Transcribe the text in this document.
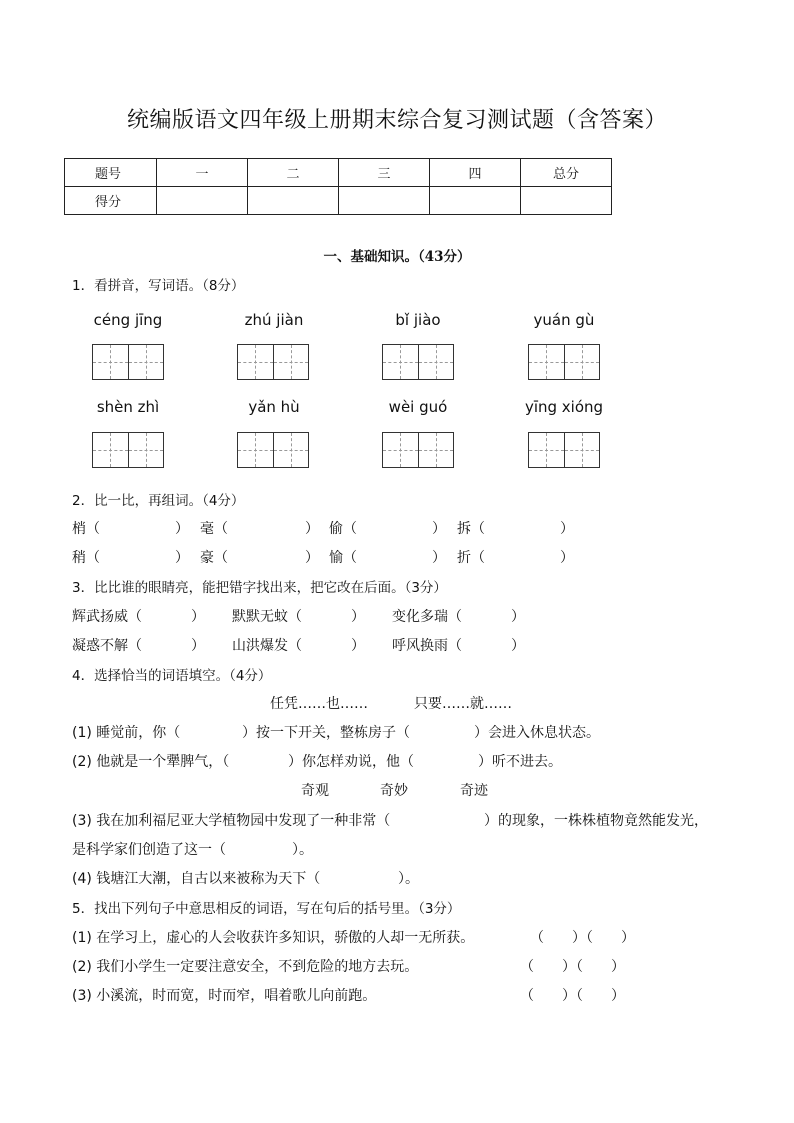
统编版语文四年级上册期末综合复习测试题（含答案）
题号	一	二	三	四	总分
得分					
一、基础知识。（43分）
1．看拼音，写词语。（8分）
céng jīng	zhú jiàn	bǐ jiào	yuán gù
shèn zhì	yǎn hù	wèi guó	yīng xióng
2．比一比，再组词。（4分）
梢（	） 毫（	） 偷（	） 拆（	）
稍（	） 豪（	） 愉（	） 折（	）
3．比比谁的眼睛亮，能把错字找出来，把它改在后面。（3分）
辉武扬威（	） 默默无蚊（	） 变化多瑞（	）
凝惑不解（	） 山洪爆发（	） 呼风换雨（	）
4．选择恰当的词语填空。（4分）
任凭……也……	只要……就……
(1) 睡觉前，你（	）按一下开关，整栋房子（	）会进入休息状态。
(2) 他就是一个犟脾气，（	）你怎样劝说，他（	）听不进去。
奇观	奇妙	奇迹
(3) 我在加利福尼亚大学植物园中发现了一种非常（	）的现象，一株株植物竟然能发光，
是科学家们创造了这一（	）。
(4) 钱塘江大潮，自古以来被称为天下（	）。
5．找出下列句子中意思相反的词语，写在句后的括号里。（3分）
(1) 在学习上，虚心的人会收获许多知识，骄傲的人却一无所获。	（　　）（　　）
(2) 我们小学生一定要注意安全，不到危险的地方去玩。	（　　）（　　）
(3) 小溪流，时而宽，时而窄，唱着歌儿向前跑。	（　　）（　　）
